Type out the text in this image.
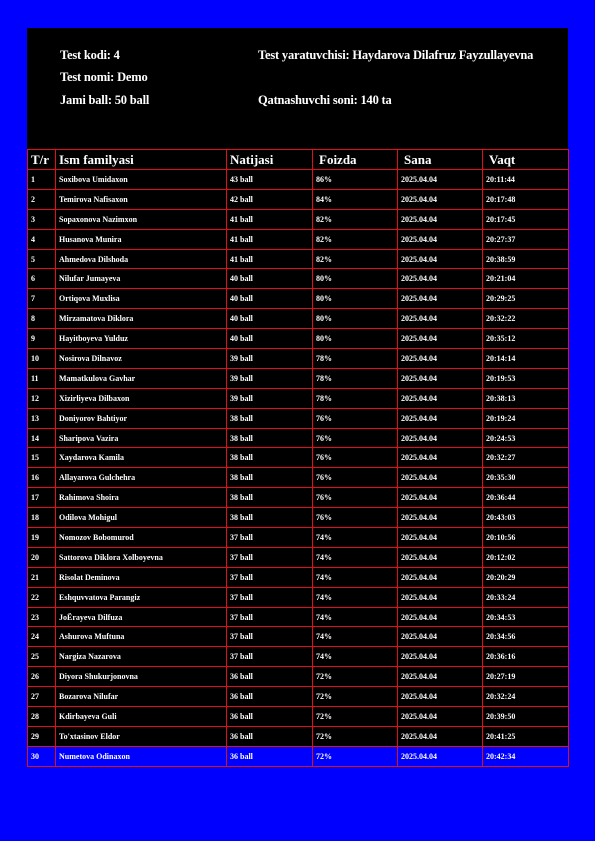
Test kodi: 4
Test nomi: Demo
Jami ball: 50 ball
Test yaratuvchisi: Haydarova Dilafruz Fayzullayevna
Qatnashuvchi soni: 140 ta
T/r	Ism familyasi	Natijasi	Foizda	Sana	Vaqt
1	Soxibova Umidaxon	43 ball	86%	2025.04.04	20:11:44
2	Temirova Nafisaxon	42 ball	84%	2025.04.04	20:17:48
3	Sopaxonova Nazimxon	41 ball	82%	2025.04.04	20:17:45
4	Husanova Munira	41 ball	82%	2025.04.04	20:27:37
5	Ahmedova Dilshoda	41 ball	82%	2025.04.04	20:38:59
6	Nilufar Jumayeva	40 ball	80%	2025.04.04	20:21:04
7	Ortiqova Muxlisa	40 ball	80%	2025.04.04	20:29:25
8	Mirzamatova Diklora	40 ball	80%	2025.04.04	20:32:22
9	Hayitboyeva Yulduz	40 ball	80%	2025.04.04	20:35:12
10	Nosirova Dilnavoz	39 ball	78%	2025.04.04	20:14:14
11	Mamatkulova Gavhar	39 ball	78%	2025.04.04	20:19:53
12	Xizirliyeva Dilbaxon	39 ball	78%	2025.04.04	20:38:13
13	Doniyorov Bahtiyor	38 ball	76%	2025.04.04	20:19:24
14	Sharipova Vazira	38 ball	76%	2025.04.04	20:24:53
15	Xaydarova Kamila	38 ball	76%	2025.04.04	20:32:27
16	Allayarova Gulchehra	38 ball	76%	2025.04.04	20:35:30
17	Rahimova Shoira	38 ball	76%	2025.04.04	20:36:44
18	Odilova Mohigul	38 ball	76%	2025.04.04	20:43:03
19	Nomozov Bobomurod	37 ball	74%	2025.04.04	20:10:56
20	Sattorova Diklora Xolboyevna	37 ball	74%	2025.04.04	20:12:02
21	Risolat Deminova	37 ball	74%	2025.04.04	20:20:29
22	Eshquvvatova Parangiz	37 ball	74%	2025.04.04	20:33:24
23	JoЁrayeva Dilfuza	37 ball	74%	2025.04.04	20:34:53
24	Ashurova Muftuna	37 ball	74%	2025.04.04	20:34:56
25	Nargiza Nazarova	37 ball	74%	2025.04.04	20:36:16
26	Diyora Shukurjonovna	36 ball	72%	2025.04.04	20:27:19
27	Bozarova Nilufar	36 ball	72%	2025.04.04	20:32:24
28	Kdirbayeva Guli	36 ball	72%	2025.04.04	20:39:50
29	To'xtasinov Eldor	36 ball	72%	2025.04.04	20:41:25
30	Numetova Odinaxon	36 ball	72%	2025.04.04	20:42:34
